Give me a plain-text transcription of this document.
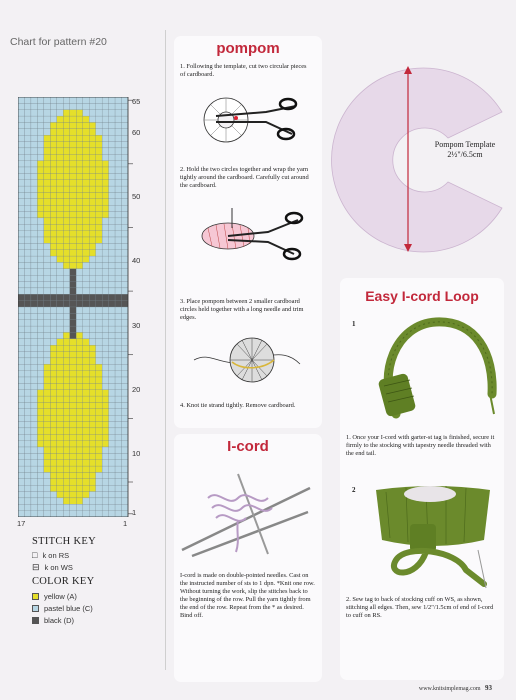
Chart for pattern #20
65
60
50
40
30
20
10
1
17	1
STITCH KEY
□ k on RS
⊟ k on WS
COLOR KEY
yellow (A)
pastel blue (C)
black (D)
pompom
1. Following the template, cut two circular pieces of cardboard.
2. Hold the two circles together and wrap the yarn tightly around the cardboard. Carefully cut around the cardboard.
3. Place pompom between 2 smaller cardboard circles held together with a long needle and trim edges.
4. Knot tie strand tightly. Remove cardboard.
I-cord
I-cord is made on double-pointed needles. Cast on the instructed number of sts to 1 dpn. *Knit one row. Without turning the work, slip the stitches back to the beginning of the row. Pull the yarn tightly from the end of the row. Repeat from the * as desired. Bind off.
Pompom Template
2½"/6.5cm
Easy I-cord Loop
1
1. Once your I-cord with garter-st tag is finished, secure it firmly to the stocking with tapestry needle threaded with the end tail.
2
2. Sew tag to back of stocking cuff on WS, as shown, stitching all edges. Then, sew 1/2"/1.5cm of end of I-cord to cuff on RS.
www.knitsimplemag.com 93
